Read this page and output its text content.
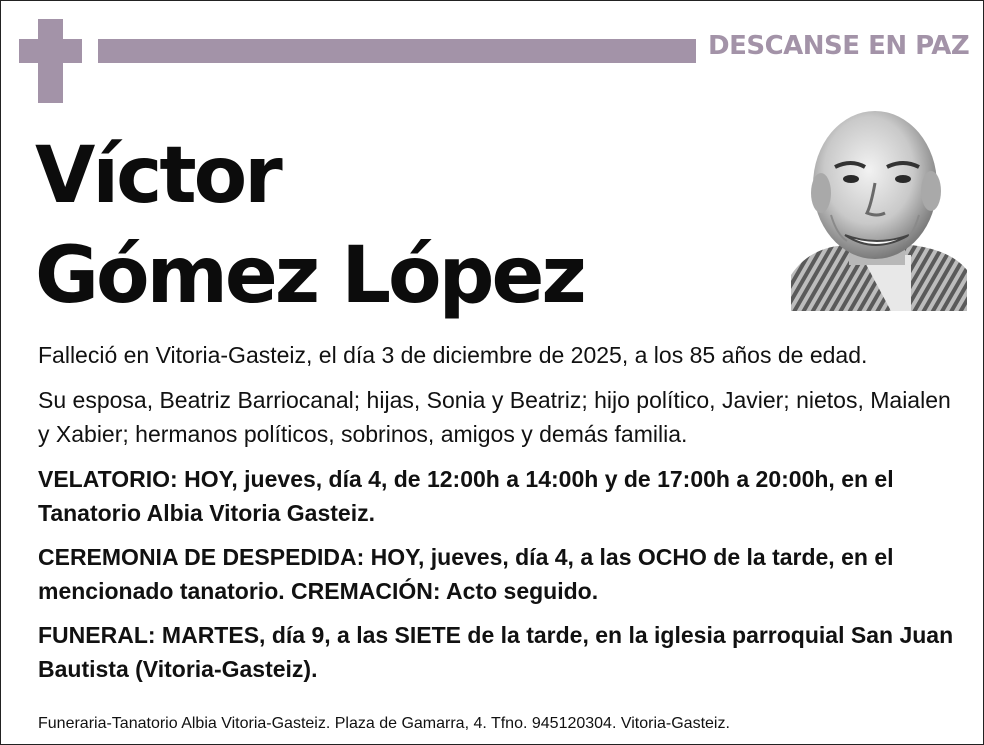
DESCANSE EN PAZ
Víctor
Gómez López
Falleció en Vitoria-Gasteiz, el día 3 de diciembre de 2025, a los 85 años de edad.
Su esposa, Beatriz Barriocanal; hijas, Sonia y Beatriz; hijo político, Javier; nietos, Maialen y Xabier; hermanos políticos, sobrinos, amigos y demás familia.
VELATORIO: HOY, jueves, día 4, de 12:00h a 14:00h y de 17:00h a 20:00h, en el Tanatorio Albia Vitoria Gasteiz.
CEREMONIA DE DESPEDIDA: HOY, jueves, día 4, a las OCHO de la tarde, en el mencionado tanatorio. CREMACIÓN: Acto seguido.
FUNERAL: MARTES, día 9, a las SIETE de la tarde, en la iglesia parroquial San Juan Bautista (Vitoria-Gasteiz).
Funeraria-Tanatorio Albia Vitoria-Gasteiz. Plaza de Gamarra, 4. Tfno. 945120304. Vitoria-Gasteiz.
